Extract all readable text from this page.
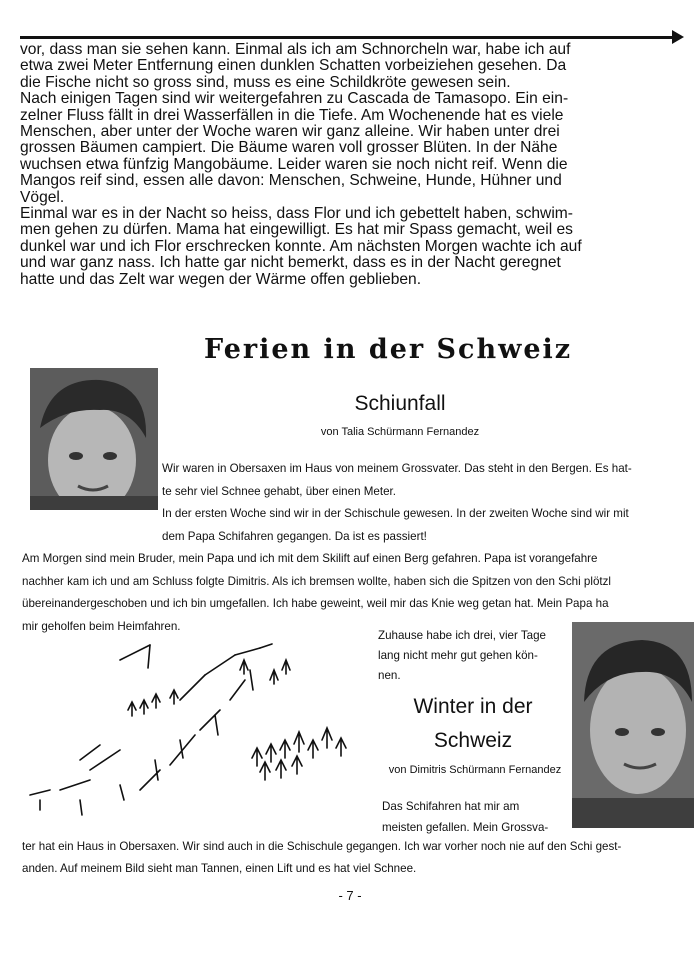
vor, dass man sie sehen kann. Einmal als ich am Schnorcheln war, habe ich auf
etwa zwei Meter Entfernung einen dunklen Schatten vorbeiziehen gesehen. Da
die Fische nicht so gross sind, muss es eine Schildkröte gewesen sein.
Nach einigen Tagen sind wir weitergefahren zu Cascada de Tamasopo. Ein ein-
zelner Fluss fällt in drei Wasserfällen in die Tiefe. Am Wochenende hat es viele
Menschen, aber unter der Woche waren wir ganz alleine. Wir haben unter drei
grossen Bäumen campiert. Die Bäume waren voll grosser Blüten. In der Nähe
wuchsen etwa fünfzig Mangobäume. Leider waren sie noch nicht reif. Wenn die
Mangos reif sind, essen alle davon: Menschen, Schweine, Hunde, Hühner und
Vögel.
Einmal war es in der Nacht so heiss, dass Flor und ich gebettelt haben, schwim-
men gehen zu dürfen. Mama hat eingewilligt. Es hat mir Spass gemacht, weil es
dunkel war und ich Flor erschrecken konnte. Am nächsten Morgen wachte ich auf
und war ganz nass. Ich hatte gar nicht bemerkt, dass es in der Nacht geregnet
hatte und das Zelt war wegen der Wärme offen geblieben.
Ferien in der Schweiz
Schiunfall

von Talia Schürmann Fernandez

Wir waren in Obersaxen im Haus von meinem Grossvater. Das steht in den Bergen. Es hat-
te sehr viel Schnee gehabt, über einen Meter.
In der ersten Woche sind wir in der Schischule gewesen. In der zweiten Woche sind wir mit
dem Papa Schifahren gegangen. Da ist es passiert!
Am Morgen sind mein Bruder, mein Papa und ich mit dem Skilift auf einen Berg gefahren. Papa ist vorangefahre
nachher kam ich und am Schluss folgte Dimitris. Als ich bremsen wollte, haben sich die Spitzen von den Schi plötzl
übereinandergeschoben und ich bin umgefallen. Ich habe geweint, weil mir das Knie weg getan hat. Mein Papa ha
mir geholfen beim Heimfahren.
Zuhause habe ich drei, vier Tage
lang nicht mehr gut gehen kön-
nen.
Winter in der
Schweiz

von Dimitris Schürmann Fernandez

Das Schifahren hat mir am
meisten gefallen. Mein Grossva-
ter hat ein Haus in Obersaxen. Wir sind auch in die Schischule gegangen. Ich war vorher noch nie auf den Schi gest-
anden. Auf meinem Bild sieht man Tannen, einen Lift und es hat viel Schnee.

- 7 -
